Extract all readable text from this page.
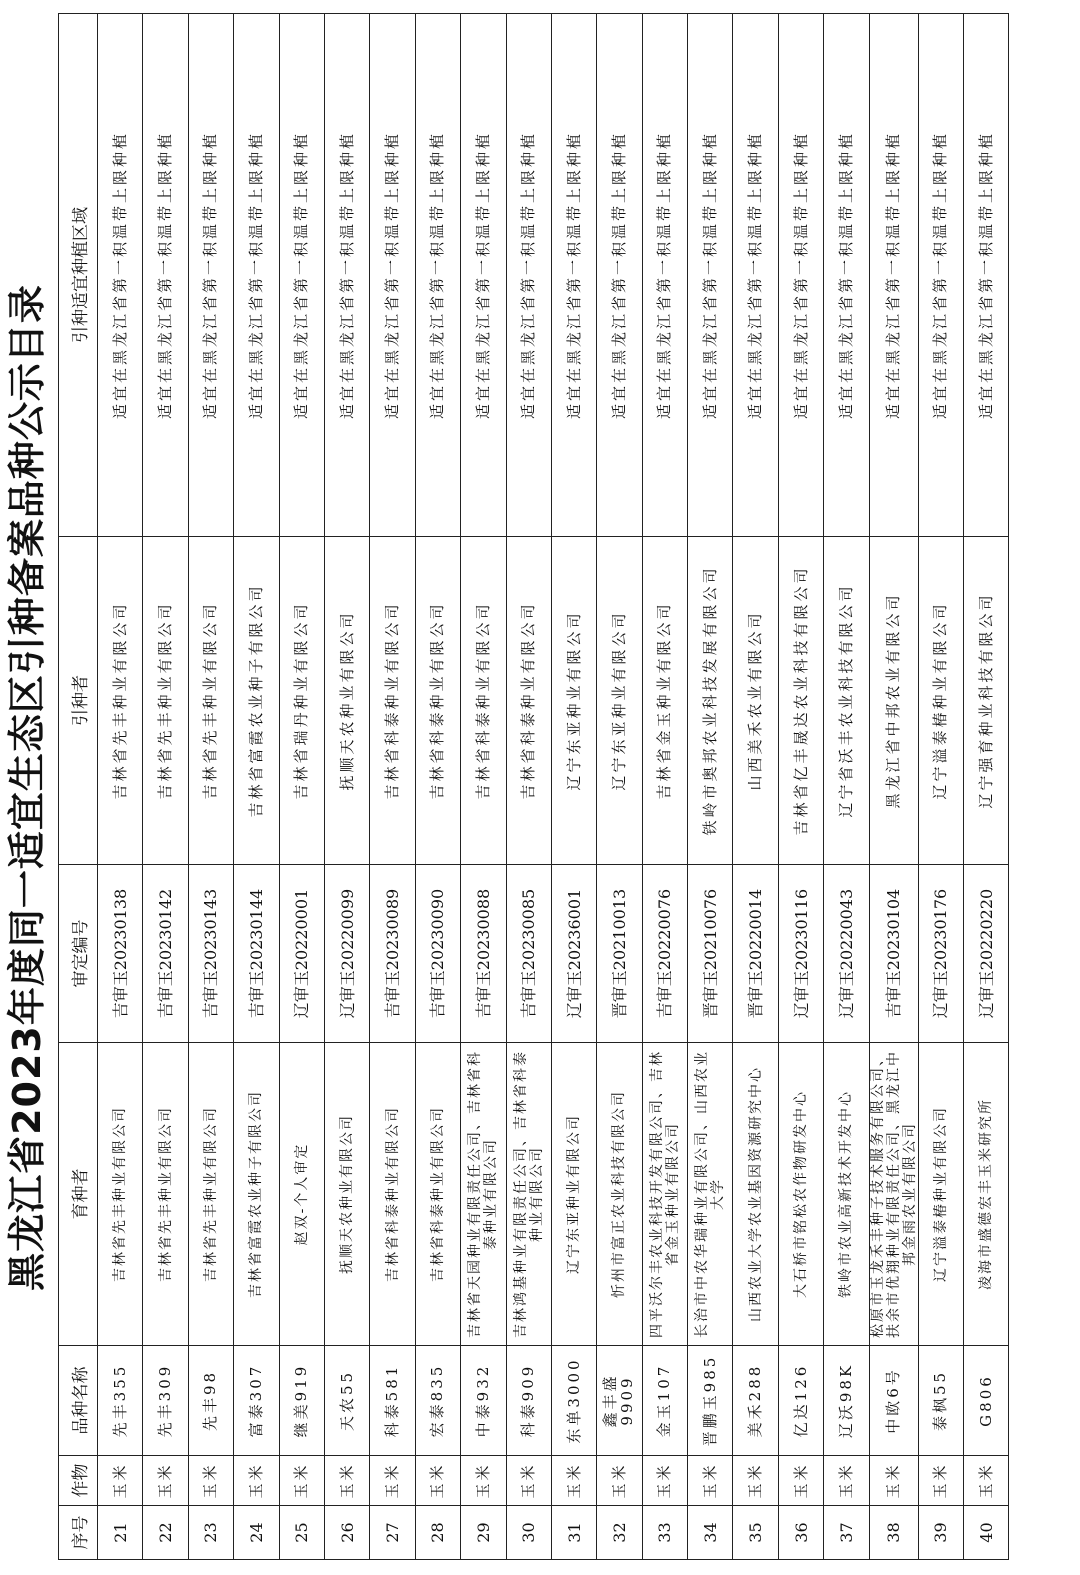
黑龙江省2023年度同一适宜生态区引种备案品种公示目录
序号	作物	品种名称	育种者	审定编号	引种者	引种适宜种植区域
21	玉米	先丰355	吉林省先丰种业有限公司	吉审玉20230138	吉林省先丰种业有限公司	适宜在黑龙江省第一积温带上限种植
22	玉米	先丰309	吉林省先丰种业有限公司	吉审玉20230142	吉林省先丰种业有限公司	适宜在黑龙江省第一积温带上限种植
23	玉米	先丰98	吉林省先丰种业有限公司	吉审玉20230143	吉林省先丰种业有限公司	适宜在黑龙江省第一积温带上限种植
24	玉米	富泰307	吉林省富霞农业种子有限公司	吉审玉20230144	吉林省富霞农业种子有限公司	适宜在黑龙江省第一积温带上限种植
25	玉米	继美919	赵双-个人审定	辽审玉20220001	吉林省瑞丹种业有限公司	适宜在黑龙江省第一积温带上限种植
26	玉米	天农55	抚顺天农种业有限公司	辽审玉20220099	抚顺天农种业有限公司	适宜在黑龙江省第一积温带上限种植
27	玉米	科泰581	吉林省科泰种业有限公司	吉审玉20230089	吉林省科泰种业有限公司	适宜在黑龙江省第一积温带上限种植
28	玉米	宏泰835	吉林省科泰种业有限公司	吉审玉20230090	吉林省科泰种业有限公司	适宜在黑龙江省第一积温带上限种植
29	玉米	中泰932	吉林省天园种业有限责任公司、吉林省科泰种业有限公司	吉审玉20230088	吉林省科泰种业有限公司	适宜在黑龙江省第一积温带上限种植
30	玉米	科泰909	吉林鸿基种业有限责任公司、吉林省科泰种业有限公司	吉审玉20230085	吉林省科泰种业有限公司	适宜在黑龙江省第一积温带上限种植
31	玉米	东单3000	辽宁东亚种业有限公司	辽审玉20236001	辽宁东亚种业有限公司	适宜在黑龙江省第一积温带上限种植
32	玉米	鑫丰盛9909	忻州市富正农业科技有限公司	晋审玉20210013	辽宁东亚种业有限公司	适宜在黑龙江省第一积温带上限种植
33	玉米	金玉107	四平沃尔丰农业科技开发有限公司、吉林省金玉种业有限公司	吉审玉20220076	吉林省金玉种业有限公司	适宜在黑龙江省第一积温带上限种植
34	玉米	晋鹏玉985	长治市中农华瑞种业有限公司、山西农业大学	晋审玉20210076	铁岭市奥邦农业科技发展有限公司	适宜在黑龙江省第一积温带上限种植
35	玉米	美禾288	山西农业大学农业基因资源研究中心	晋审玉20220014	山西美禾农业有限公司	适宜在黑龙江省第一积温带上限种植
36	玉米	亿达126	大石桥市铭松农作物研发中心	辽审玉20230116	吉林省亿丰晟达农业科技有限公司	适宜在黑龙江省第一积温带上限种植
37	玉米	辽沃98K	铁岭市农业高新技术开发中心	辽审玉20220043	辽宁省沃丰农业科技有限公司	适宜在黑龙江省第一积温带上限种植
38	玉米	中欧6号	松原市玉龙禾丰种子技术服务有限公司、扶余市优翔种业有限责任公司、黑龙江中邦金雨农业有限公司	吉审玉20230104	黑龙江省中邦农业有限公司	适宜在黑龙江省第一积温带上限种植
39	玉米	泰枫55	辽宁溢泰椿种业有限公司	辽审玉20230176	辽宁溢泰椿种业有限公司	适宜在黑龙江省第一积温带上限种植
40	玉米	G806	凌海市盛德宏丰玉米研究所	辽审玉20220220	辽宁强育种业科技有限公司	适宜在黑龙江省第一积温带上限种植
